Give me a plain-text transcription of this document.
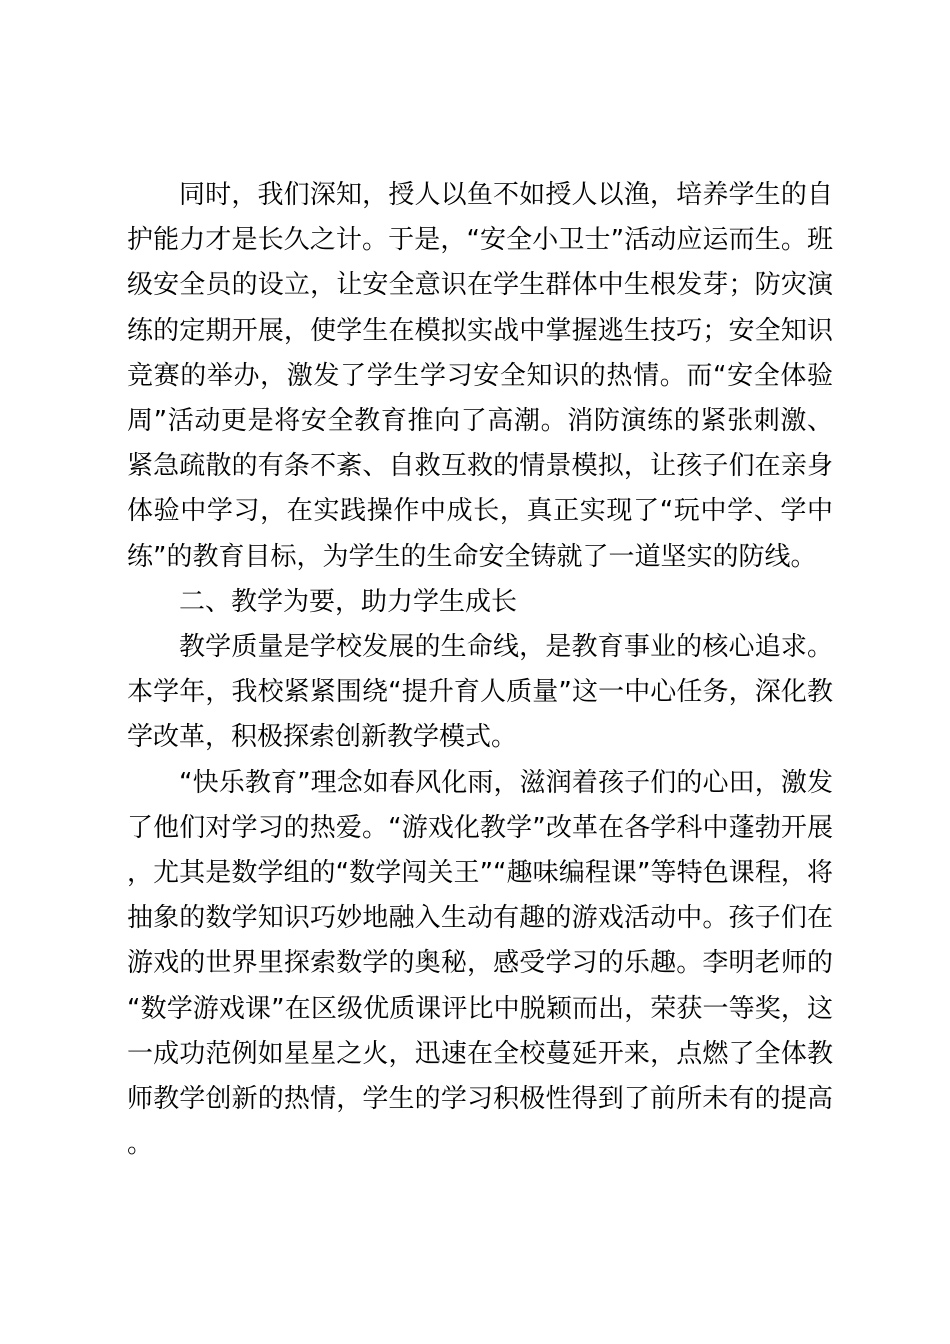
同时，我们深知，授人以鱼不如授人以渔，培养学生的自护能力才是长久之计。于是，“安全小卫士”活动应运而生。班级安全员的设立，让安全意识在学生群体中生根发芽；防灾演练的定期开展，使学生在模拟实战中掌握逃生技巧；安全知识竞赛的举办，激发了学生学习安全知识的热情。而“安全体验周”活动更是将安全教育推向了高潮。消防演练的紧张刺激、紧急疏散的有条不紊、自救互救的情景模拟，让孩子们在亲身体验中学习，在实践操作中成长，真正实现了“玩中学、学中练”的教育目标，为学生的生命安全铸就了一道坚实的防线。

二、教学为要，助力学生成长

教学质量是学校发展的生命线，是教育事业的核心追求。本学年，我校紧紧围绕“提升育人质量”这一中心任务，深化教学改革，积极探索创新教学模式。

“快乐教育”理念如春风化雨，滋润着孩子们的心田，激发了他们对学习的热爱。“游戏化教学”改革在各学科中蓬勃开展，尤其是数学组的“数学闯关王”“趣味编程课”等特色课程，将抽象的数学知识巧妙地融入生动有趣的游戏活动中。孩子们在游戏的世界里探索数学的奥秘，感受学习的乐趣。李明老师的“数学游戏课”在区级优质课评比中脱颖而出，荣获一等奖，这一成功范例如星星之火，迅速在全校蔓延开来，点燃了全体教师教学创新的热情，学生的学习积极性得到了前所未有的提高。
